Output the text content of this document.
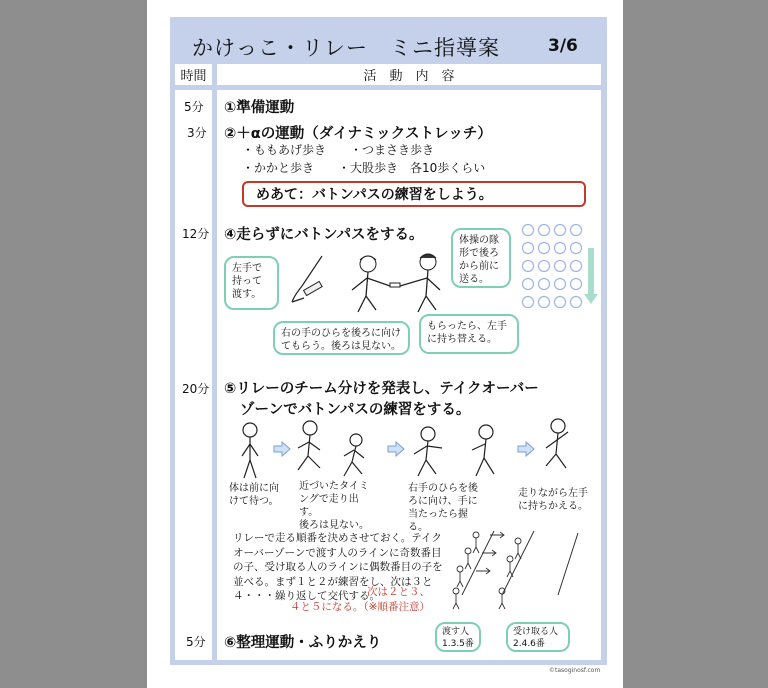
かけっこ・リレー　ミニ指導案	3/6
時間	活　動　内　容
5分 ①準備運動
3分 ②＋αの運動（ダイナミックストレッチ）
・ももあげ歩き　　・つまさき歩き
・かかと歩き　　・大股歩き　各10歩くらい
めあて：バトンパスの練習をしよう。
12分 ④走らずにバトンパスをする。
左手で
持って
渡す。
右の手のひらを後ろに向け
てもらう。後ろは見ない。
もらったら、左手
に持ち替える。
体操の隊
形で後ろ
から前に
送る。
20分 ⑤リレーのチーム分けを発表し、テイクオーバー
ゾーンでバトンパスの練習をする。
体は前に向
けて待つ。
近づいたタイミ
ングで走り出
す。
後ろは見ない。
右手のひらを後
ろに向け、手に
当たったら握
る。
走りながら左手
に持ちかえる。
リレーで走る順番を決めさせておく。テイク
オーバーゾーンで渡す人のラインに奇数番目
の子、受け取る人のラインに偶数番目の子を
並べる。まず１と２が練習をし、次は３と
４・・・繰り返して交代する。
次は２と３、
４と５になる。（※順番注意）
渡す人
1.3.5番
受け取る人
2.4.6番
5分 ⑥整理運動・ふりかえり
©tasoginosf.com
